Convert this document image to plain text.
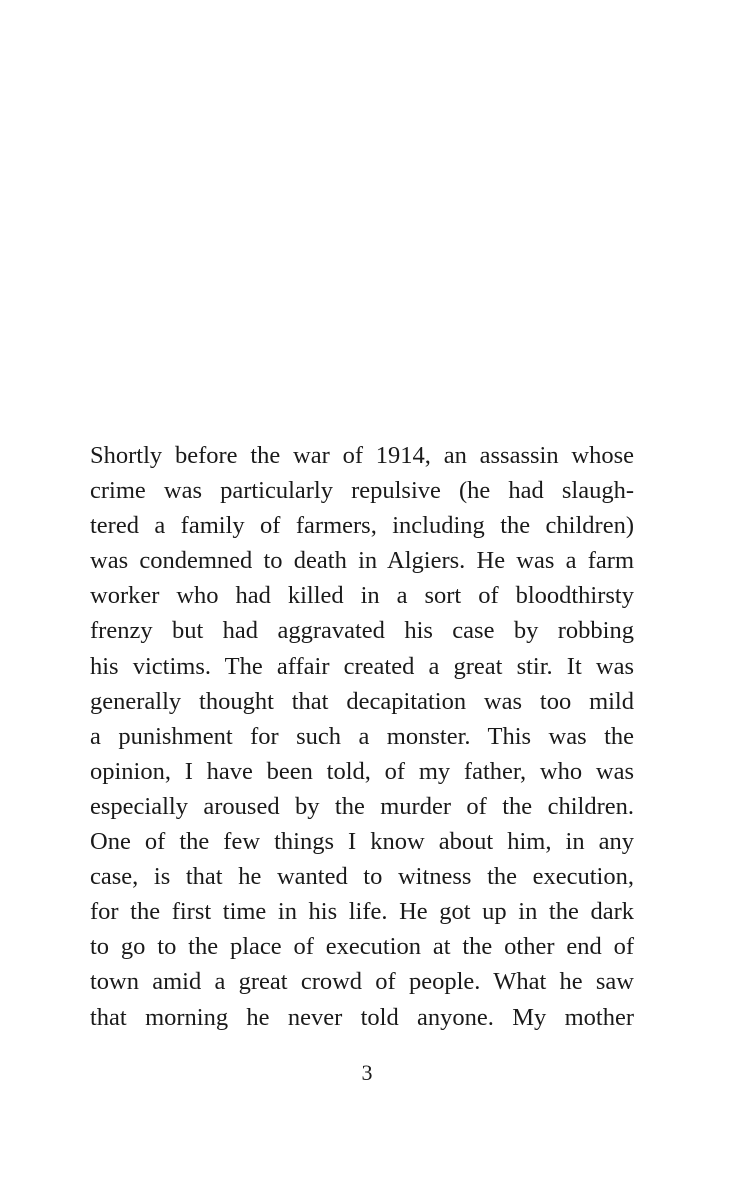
Shortly before the war of 1914, an assassin whose
crime was particularly repulsive (he had slaugh-
tered a family of farmers, including the children)
was condemned to death in Algiers. He was a farm
worker who had killed in a sort of bloodthirsty
frenzy but had aggravated his case by robbing
his victims. The affair created a great stir. It was
generally thought that decapitation was too mild
a punishment for such a monster. This was the
opinion, I have been told, of my father, who was
especially aroused by the murder of the children.
One of the few things I know about him, in any
case, is that he wanted to witness the execution,
for the first time in his life. He got up in the dark
to go to the place of execution at the other end of
town amid a great crowd of people. What he saw
that morning he never told anyone. My mother
3
